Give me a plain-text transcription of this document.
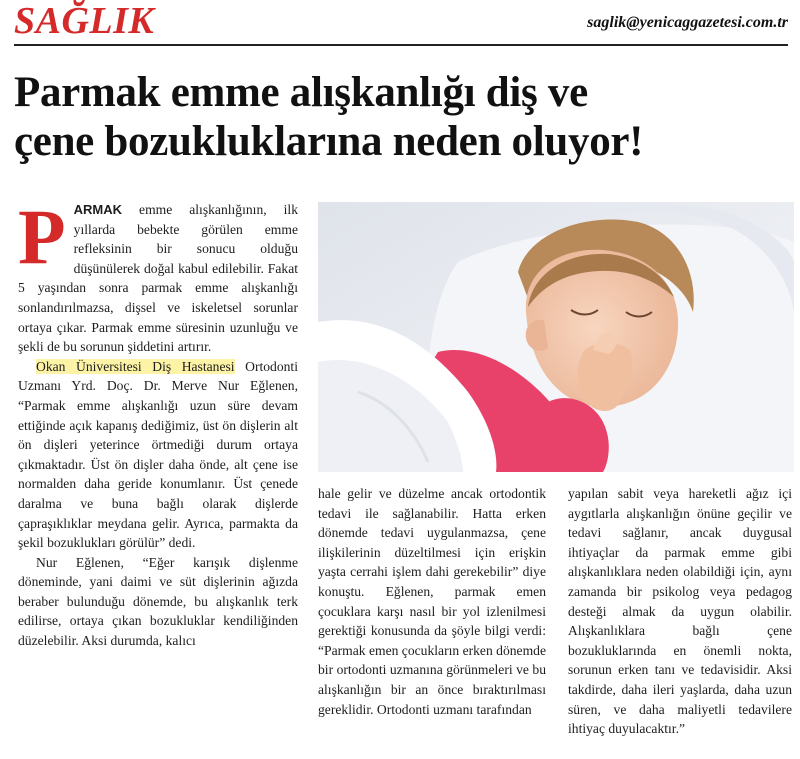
SAĞLIK	saglik@yenicaggazetesi.com.tr
Parmak emme alışkanlığı diş ve
çene bozukluklarına neden oluyor!

PARMAK emme alışkanlığının, ilk yıllarda bebekte görülen emme refleksinin bir sonucu olduğu düşünülerek doğal kabul edilebilir. Fakat 5 yaşından sonra parmak emme alışkanlığı sonlandırılmazsa, dişsel ve iskeletsel sorunlar ortaya çıkar. Parmak emme süresinin uzunluğu ve şekli de bu sorunun şiddetini artırır.

Okan Üniversitesi Diş Hastanesi Ortodonti Uzmanı Yrd. Doç. Dr. Merve Nur Eğlenen, “Parmak emme alışkanlığı uzun süre devam ettiğinde açık kapanış dediğimiz, üst ön dişlerin alt ön dişleri yeterince örtmediği durum ortaya çıkmaktadır. Üst ön dişler daha önde, alt çene ise normalden daha geride konumlanır. Üst çenede daralma ve buna bağlı olarak dişlerde çapraşıklıklar meydana gelir. Ayrıca, parmakta da şekil bozuklukları görülür” dedi.

Nur Eğlenen, “Eğer karışık dişlenme döneminde, yani daimi ve süt dişlerinin ağızda beraber bulunduğu dönemde, bu alışkanlık terk edilirse, ortaya çıkan bozukluklar kendiliğinden düzelebilir. Aksi durumda, kalıcı

hale gelir ve düzelme ancak ortodontik tedavi ile sağlanabilir. Hatta erken dönemde tedavi uygulanmazsa, çene ilişkilerinin düzeltilmesi için erişkin yaşta cerrahi işlem dahi gerekebilir” diye konuştu. Eğlenen, parmak emen çocuklara karşı nasıl bir yol izlenilmesi gerektiği konusunda da şöyle bilgi verdi: “Parmak emen çocukların erken dönemde bir ortodonti uzmanına görünmeleri ve bu alışkanlığın bir an önce bıraktırılması gereklidir. Ortodonti uzmanı tarafından

yapılan sabit veya hareketli ağız içi aygıtlarla alışkanlığın önüne geçilir ve tedavi sağlanır, ancak duygusal ihtiyaçlar da parmak emme gibi alışkanlıklara neden olabildiği için, aynı zamanda bir psikolog veya pedagog desteği almak da uygun olabilir. Alışkanlıklara bağlı çene bozukluklarında en önemli nokta, sorunun erken tanı ve tedavisidir. Aksi takdirde, daha ileri yaşlarda, daha uzun süren, ve daha maliyetli tedavilere ihtiyaç duyulacaktır.”
